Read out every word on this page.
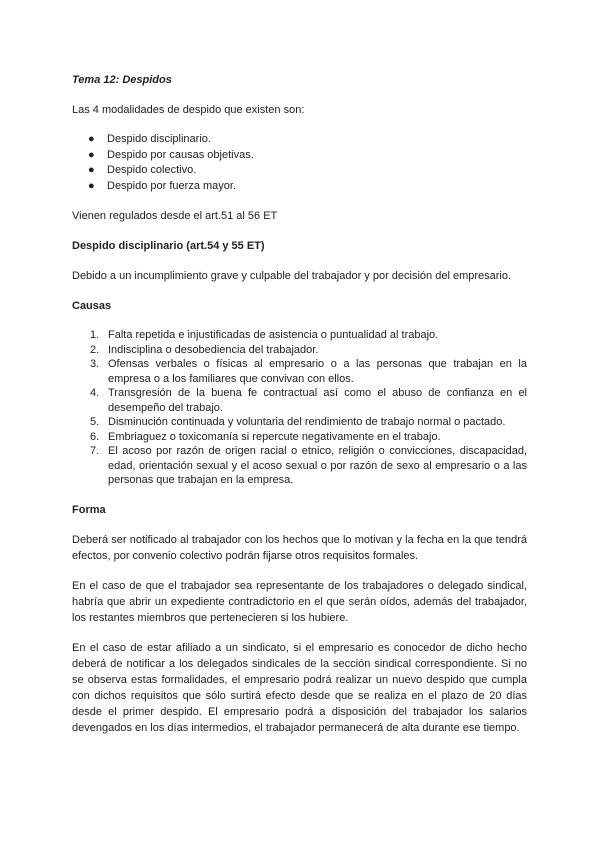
Tema 12: Despidos

Las 4 modalidades de despido que existen son:

● Despido disciplinario.
● Despido por causas objetivas.
● Despido colectivo.
● Despido por fuerza mayor.

Vienen regulados desde el art.51 al 56 ET

Despido disciplinario (art.54 y 55 ET)

Debido a un incumplimiento grave y culpable del trabajador y por decisión del empresario.

Causas

1. Falta repetida e injustificadas de asistencia o puntualidad al trabajo.
2. Indisciplina o desobediencia del trabajador.
3. Ofensas verbales o físicas al empresario o a las personas que trabajan en la empresa o a los familiares que convivan con ellos.
4. Transgresión de la buena fe contractual así como el abuso de confianza en el desempeño del trabajo.
5. Disminución continuada y voluntaria del rendimiento de trabajo normal o pactado.
6. Embriaguez o toxicomanía si repercute negativamente en el trabajo.
7. El acoso por razón de origen racial o etnico, religión o convicciones, discapacidad, edad, orientación sexual y el acoso sexual o por razón de sexo al empresario o a las personas que trabajan en la empresa.

Forma

Deberá ser notificado al trabajador con los hechos que lo motivan y la fecha en la que tendrá efectos, por convenio colectivo podrán fijarse otros requisitos formales.

En el caso de que el trabajador sea representante de los trabajadores o delegado sindical, habría que abrir un expediente contradictorio en el que serán oídos, además del trabajador, los restantes miembros que pertenecieren si los hubiere.

En el caso de estar afiliado a un sindicato, si el empresario es conocedor de dicho hecho deberá de notificar a los delegados sindicales de la sección sindical correspondiente. Si no se observa estas formalidades, el empresario podrá realizar un nuevo despido que cumpla con dichos requisitos que sólo surtirá efecto desde que se realiza en el plazo de 20 días desde el primer despido. El empresario podrá a disposición del trabajador los salarios devengados en los días intermedios, el trabajador permanecerá de alta durante ese tiempo.
